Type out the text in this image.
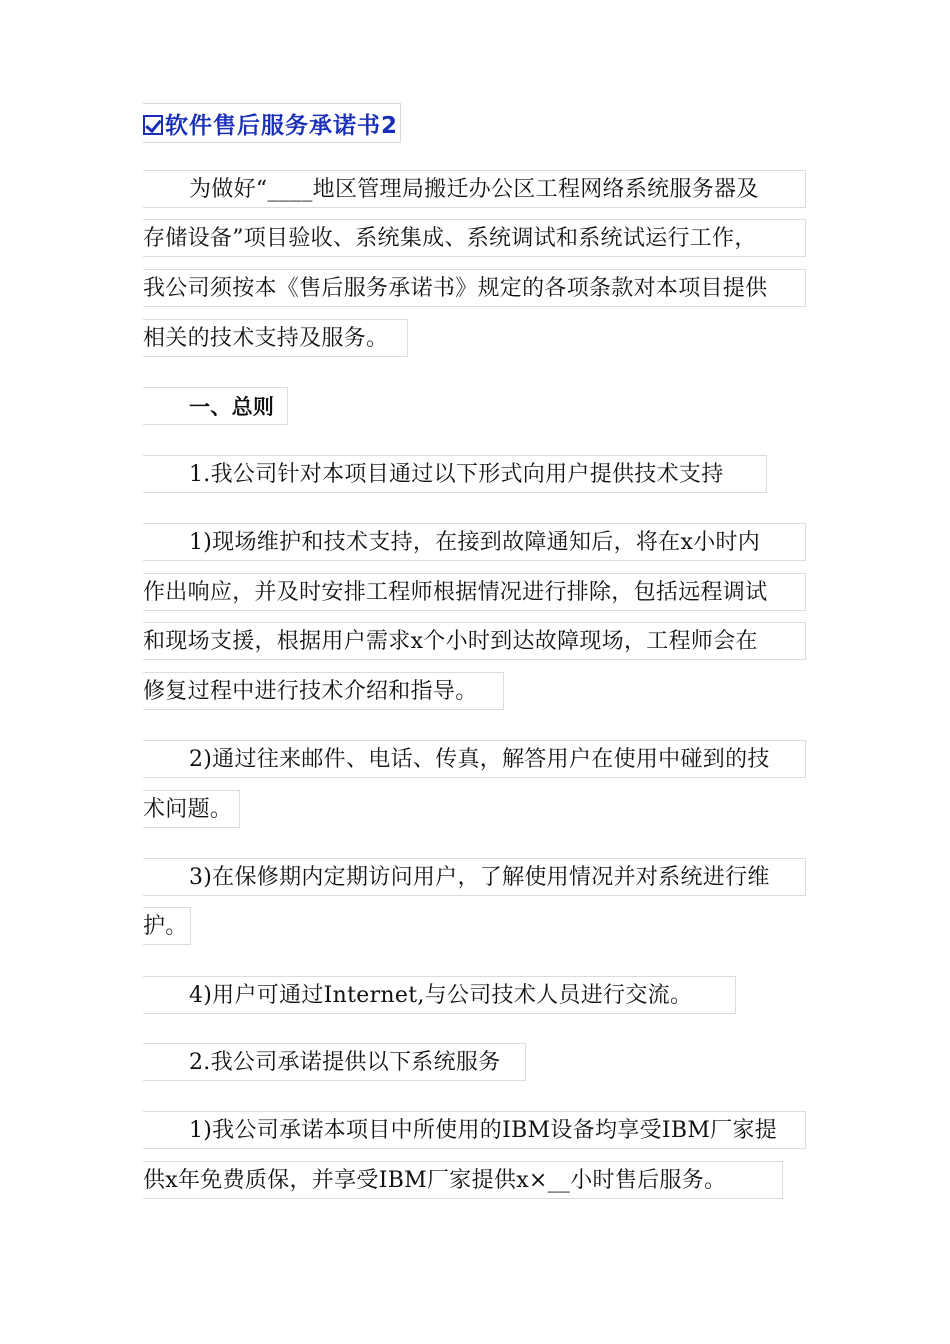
软件售后服务承诺书2
为做好“____地区管理局搬迁办公区工程网络系统服务器及
存储设备”项目验收、系统集成、系统调试和系统试运行工作，
我公司须按本《售后服务承诺书》规定的各项条款对本项目提供
相关的技术支持及服务。
一、总则
1.我公司针对本项目通过以下形式向用户提供技术支持
1)现场维护和技术支持，在接到故障通知后，将在x小时内
作出响应，并及时安排工程师根据情况进行排除，包括远程调试
和现场支援，根据用户需求x个小时到达故障现场，工程师会在
修复过程中进行技术介绍和指导。
2)通过往来邮件、电话、传真，解答用户在使用中碰到的技
术问题。
3)在保修期内定期访问用户，了解使用情况并对系统进行维
护。
4)用户可通过Internet,与公司技术人员进行交流。
2.我公司承诺提供以下系统服务
1)我公司承诺本项目中所使用的IBM设备均享受IBM厂家提
供x年免费质保，并享受IBM厂家提供x×__小时售后服务。
